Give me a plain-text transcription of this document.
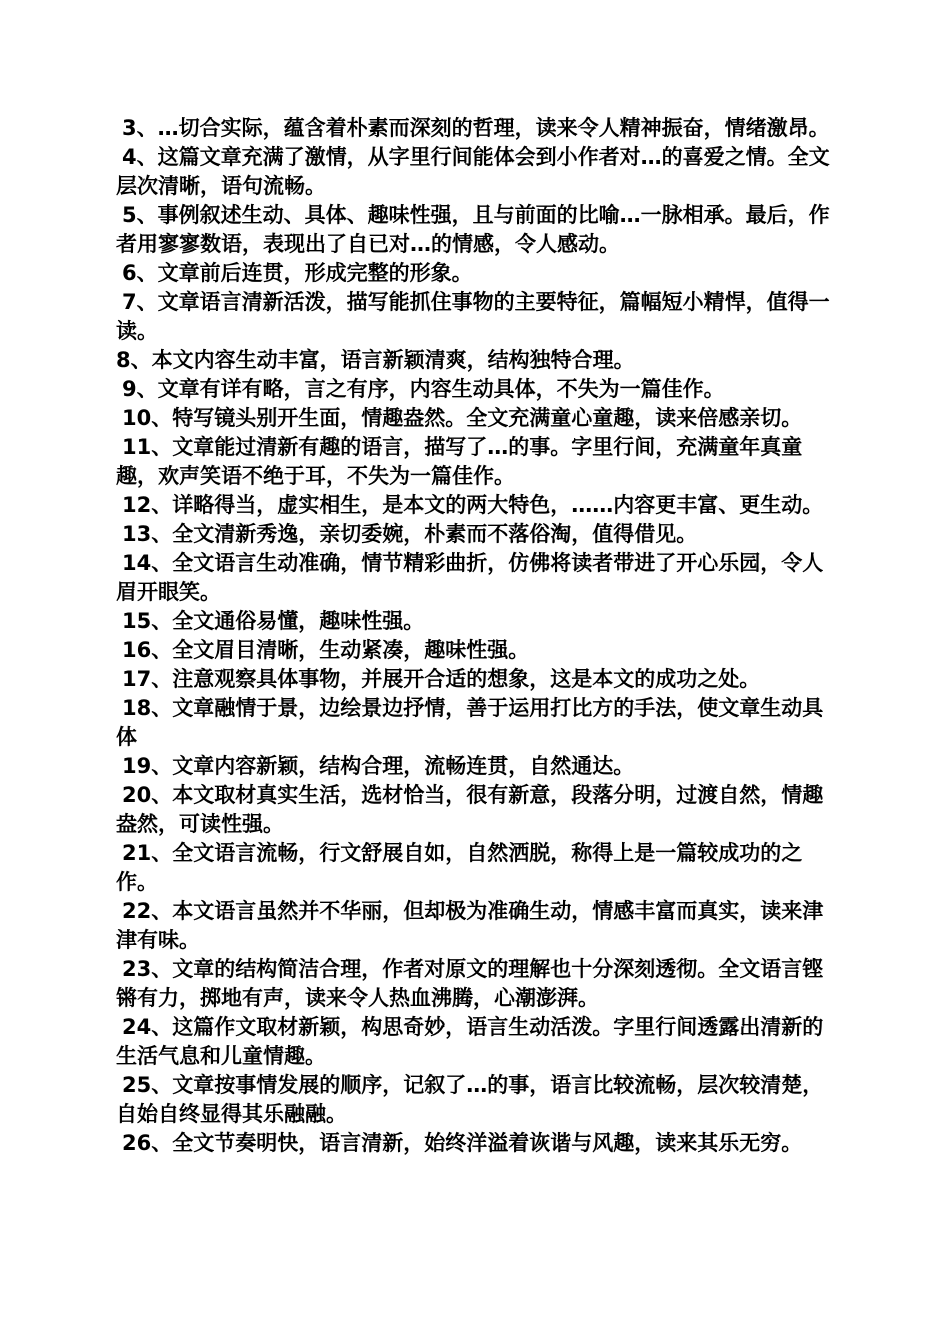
3、…切合实际，蕴含着朴素而深刻的哲理，读来令人精神振奋，情绪激昂。

4、这篇文章充满了激情，从字里行间能体会到小作者对…的喜爱之情。全文层次清晰，语句流畅。

5、事例叙述生动、具体、趣味性强，且与前面的比喻…一脉相承。最后，作者用寥寥数语，表现出了自已对…的情感，令人感动。

6、文章前后连贯，形成完整的形象。

7、文章语言清新活泼，描写能抓住事物的主要特征，篇幅短小精悍，值得一读。

8、本文内容生动丰富，语言新颖清爽，结构独特合理。

9、文章有详有略，言之有序，内容生动具体，不失为一篇佳作。

10、特写镜头别开生面，情趣盎然。全文充满童心童趣，读来倍感亲切。

11、文章能过清新有趣的语言，描写了…的事。字里行间，充满童年真童趣，欢声笑语不绝于耳，不失为一篇佳作。

12、详略得当，虚实相生，是本文的两大特色，……内容更丰富、更生动。

13、全文清新秀逸，亲切委婉，朴素而不落俗淘，值得借见。

14、全文语言生动准确，情节精彩曲折，仿佛将读者带进了开心乐园，令人眉开眼笑。

15、全文通俗易懂，趣味性强。

16、全文眉目清晰，生动紧凑，趣味性强。

17、注意观察具体事物，并展开合适的想象，这是本文的成功之处。

18、文章融情于景，边绘景边抒情，善于运用打比方的手法，使文章生动具体

19、文章内容新颖，结构合理，流畅连贯，自然通达。

20、本文取材真实生活，选材恰当，很有新意，段落分明，过渡自然，情趣盎然，可读性强。

21、全文语言流畅，行文舒展自如，自然洒脱，称得上是一篇较成功的之作。

22、本文语言虽然并不华丽，但却极为准确生动，情感丰富而真实，读来津津有味。

23、文章的结构简洁合理，作者对原文的理解也十分深刻透彻。全文语言铿锵有力，掷地有声，读来令人热血沸腾，心潮澎湃。

24、这篇作文取材新颖，构思奇妙，语言生动活泼。字里行间透露出清新的生活气息和儿童情趣。

25、文章按事情发展的顺序，记叙了…的事，语言比较流畅，层次较清楚，自始自终显得其乐融融。

26、全文节奏明快，语言清新，始终洋溢着诙谐与风趣，读来其乐无穷。
